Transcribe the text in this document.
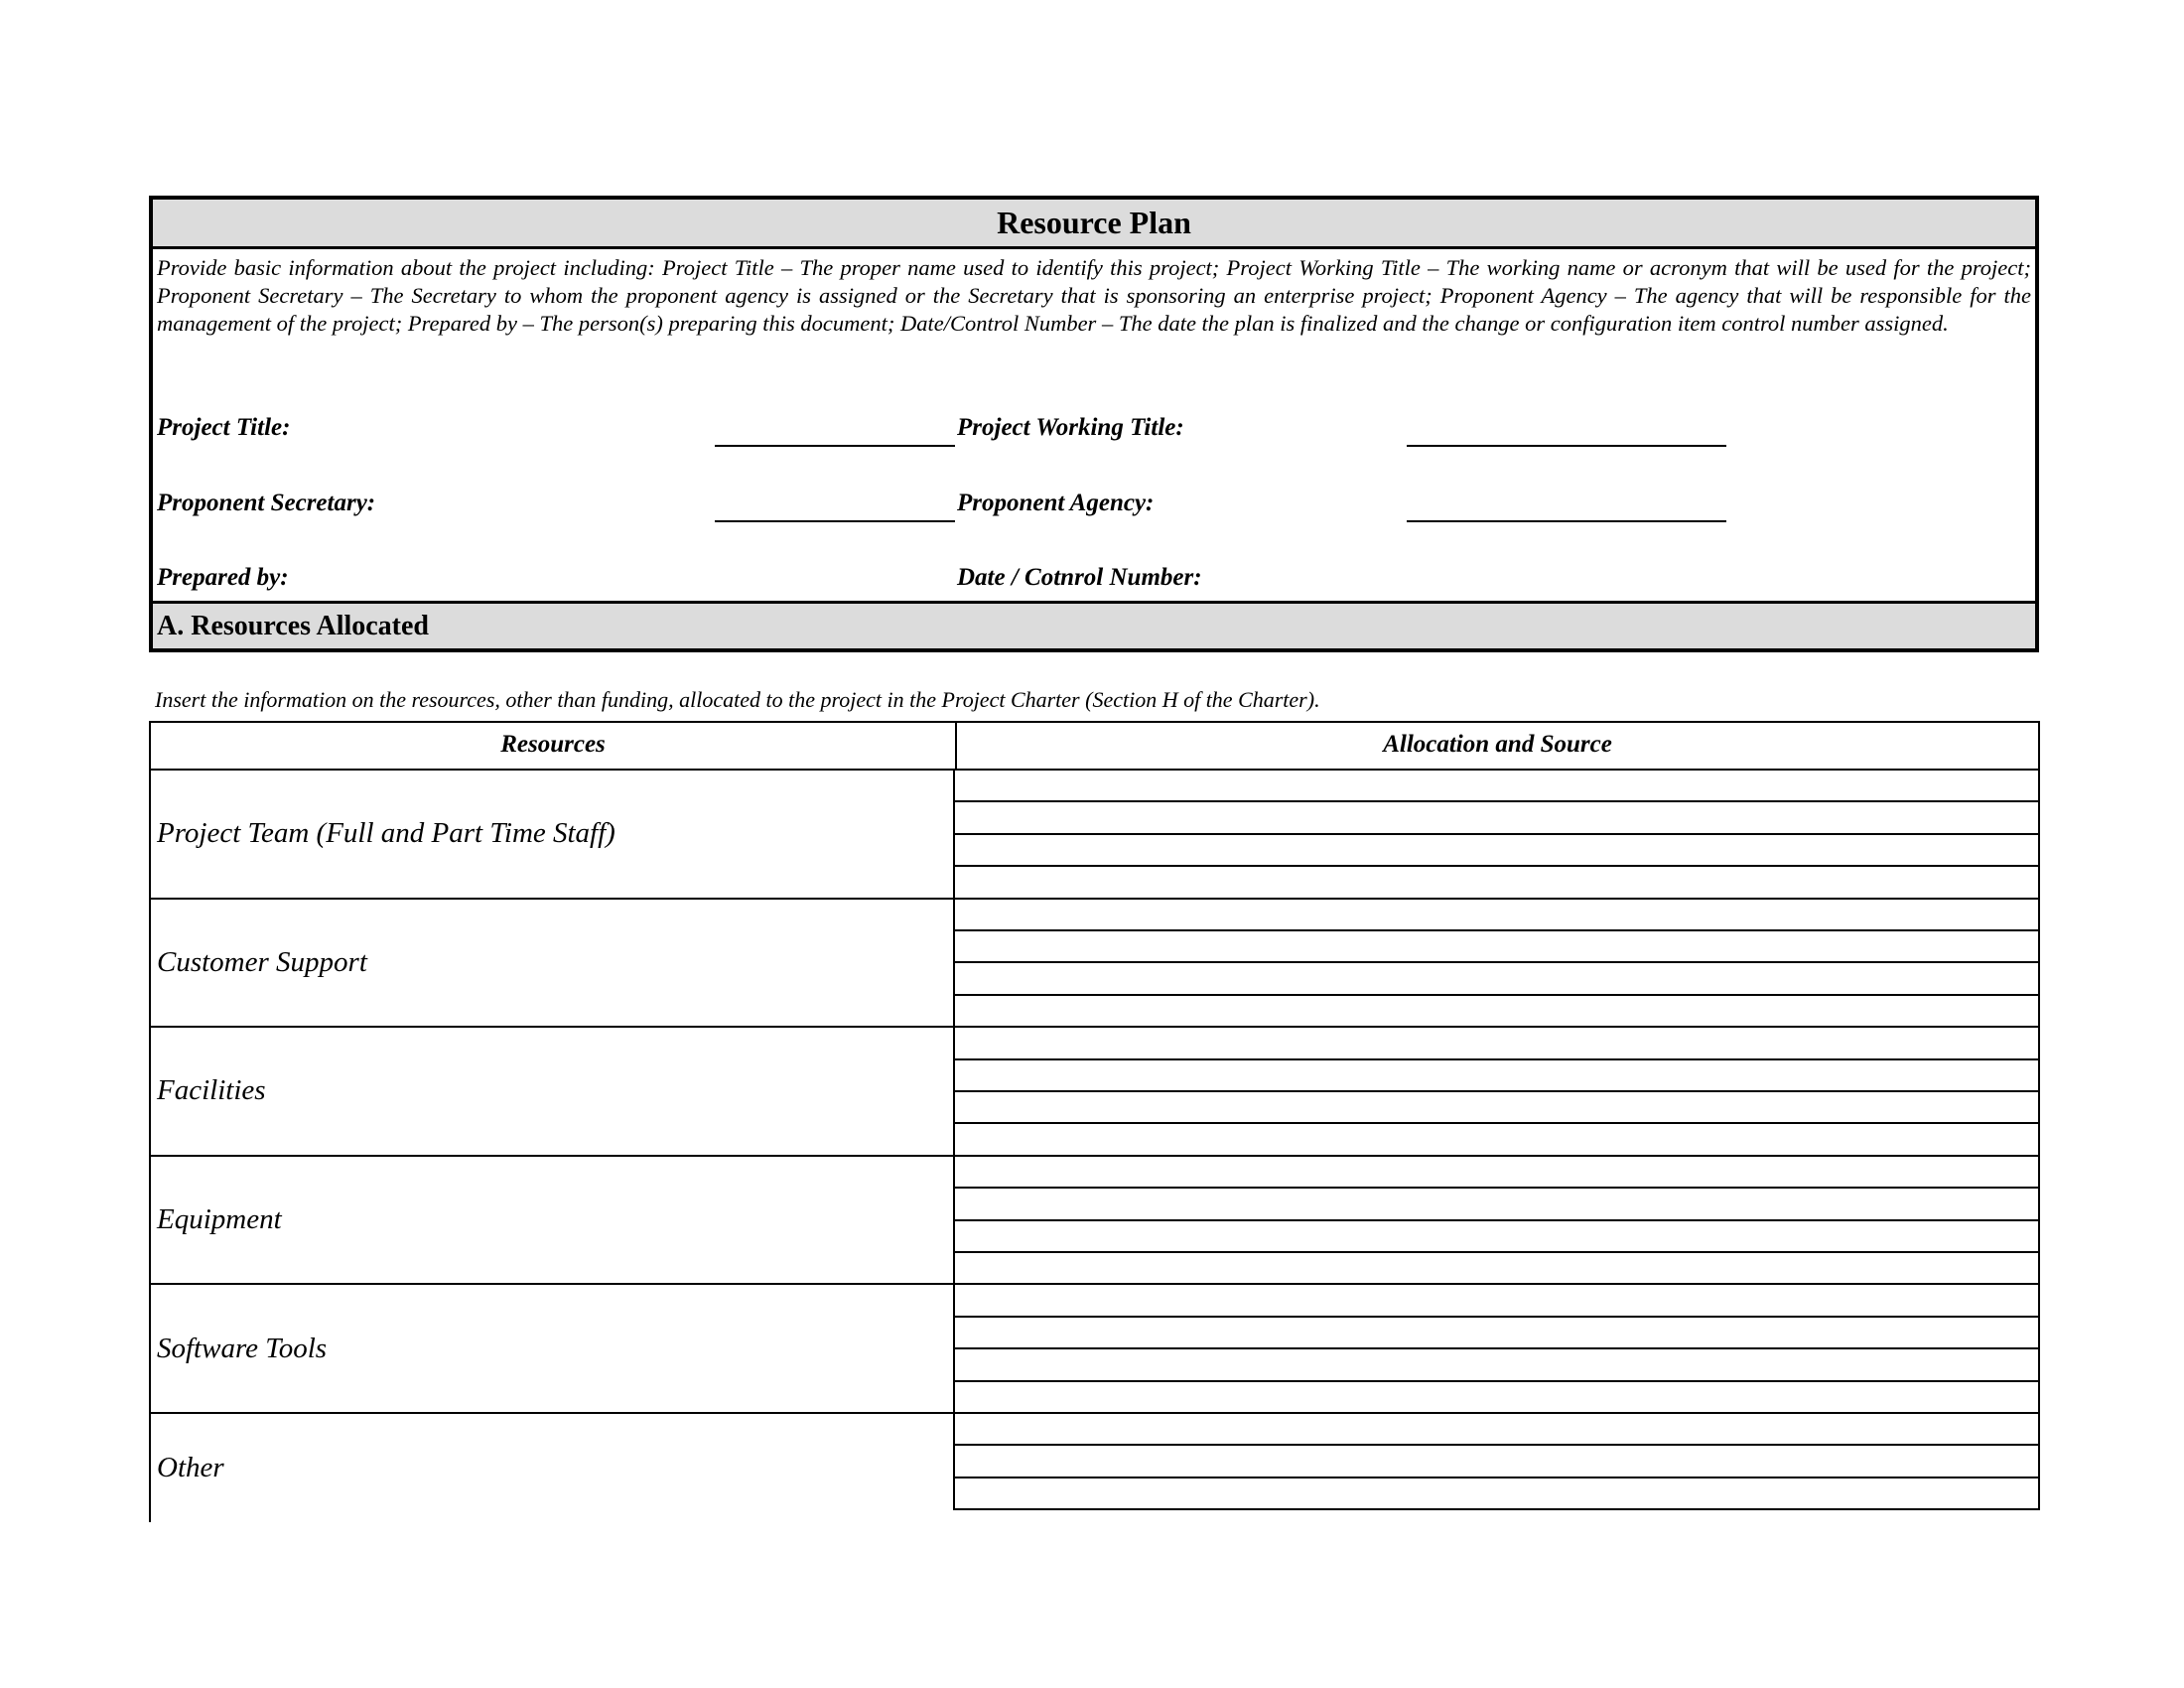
Resource Plan
Provide basic information about the project including: Project Title – The proper name used to identify this project; Project Working Title – The working name or acronym that will be used for the project; Proponent Secretary – The Secretary to whom the proponent agency is assigned or the Secretary that is sponsoring an enterprise project; Proponent Agency – The agency that will be responsible for the management of the project; Prepared by – The person(s) preparing this document; Date/Control Number – The date the plan is finalized and the change or configuration item control number assigned.
Project Title:	Project Working Title:
Proponent Secretary:	Proponent Agency:
Prepared by:	Date / Cotnrol Number:
A. Resources Allocated
Insert the information on the resources, other than funding, allocated to the project in the Project Charter (Section H of the Charter).
Resources	Allocation and Source
Project Team (Full and Part Time Staff)
Customer Support
Facilities
Equipment
Software Tools
Other
